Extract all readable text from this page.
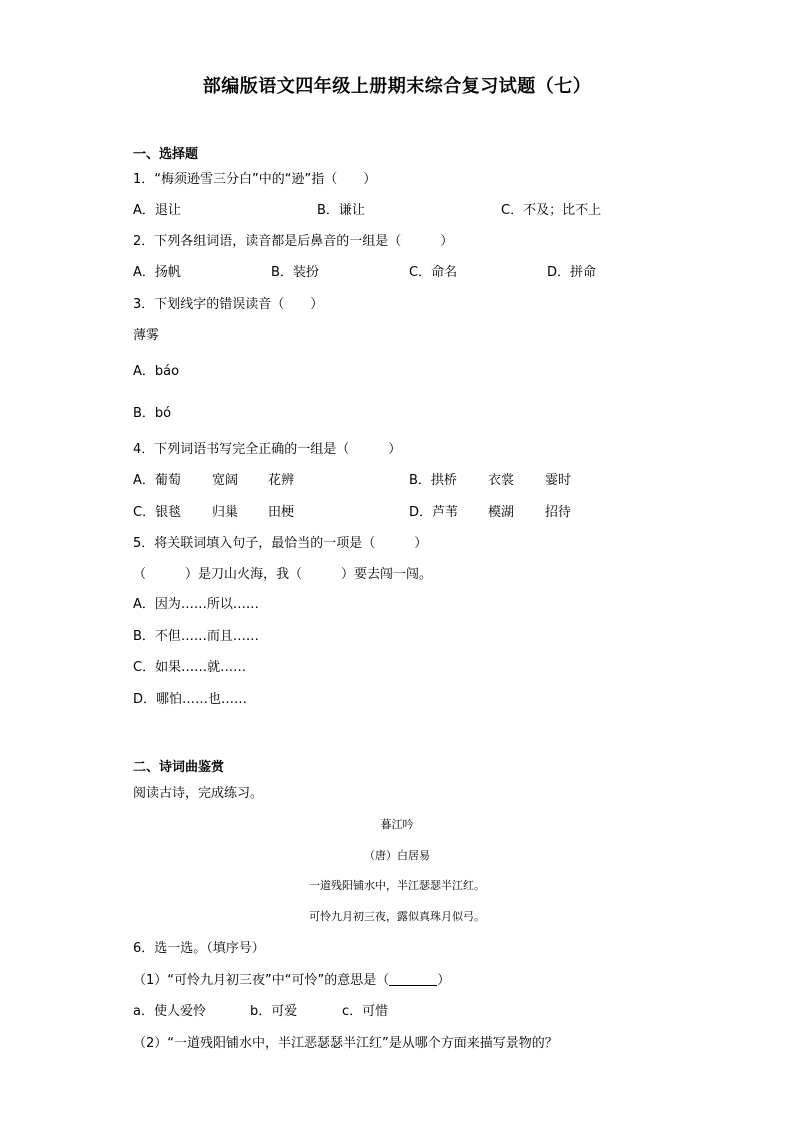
部编版语文四年级上册期末综合复习试题（七）
一、选择题
1．“梅须逊雪三分白”中的“逊”指（　　）
A．退让	B．谦让	C．不及；比不上
2．下列各组词语，读音都是后鼻音的一组是（　　　）
A．扬帆	B．装扮	C．命名	D．拼命
3．下划线字的错误读音（　　）
薄雾
A．báo
B．bó
4．下列词语书写完全正确的一组是（　　　）
A．葡萄 宽阔 花辨	B．拱桥 衣裳 霎时
C．银毯 归巢 田梗	D．芦苇 模湖 招待
5．将关联词填入句子，最恰当的一项是（　　　）
（　　　）是刀山火海，我（　　　）要去闯一闯。
A．因为……所以……
B．不但……而且……
C．如果……就……
D．哪怕……也……
二、诗词曲鉴赏
阅读古诗，完成练习。
暮江吟
（唐）白居易
一道残阳铺水中，半江瑟瑟半江红。
可怜九月初三夜，露似真珠月似弓。
6．选一选。（填序号）
（1）“可怜九月初三夜”中“可怜”的意思是（	）
a．使人爱怜	b．可爱	c．可惜
（2）“一道残阳铺水中，半江恶瑟瑟半江红”是从哪个方面来描写景物的？
